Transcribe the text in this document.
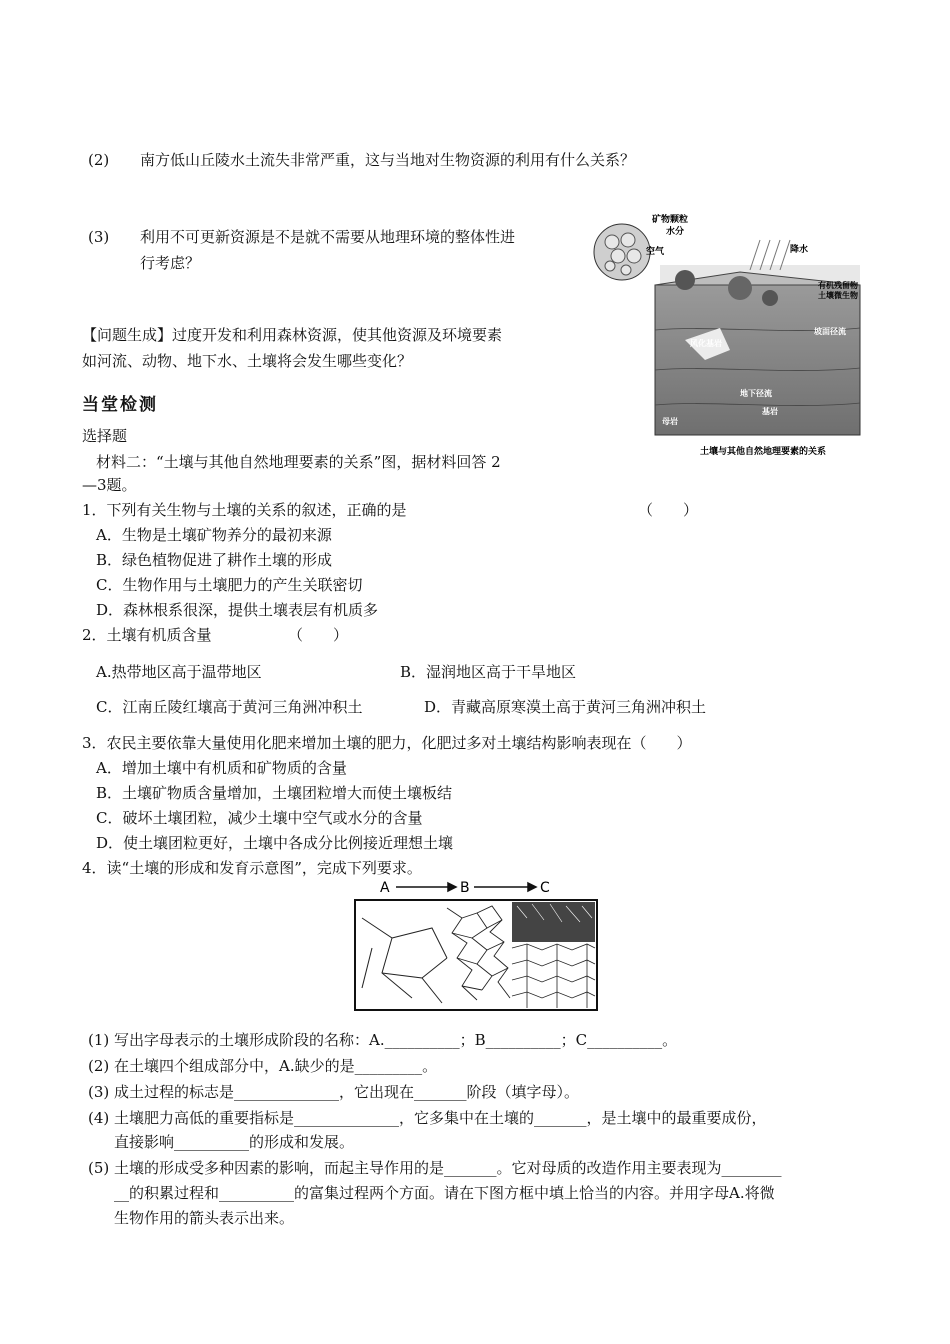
(2) 南方低山丘陵水土流失非常严重，这与当地对生物资源的利用有什么关系？
(3) 利用不可更新资源是不是就不需要从地理环境的整体性进
行考虑？
【问题生成】过度开发和利用森林资源，使其他资源及环境要素
如河流、动物、地下水、土壤将会发生哪些变化？
当堂检测
选择题
材料二：“土壤与其他自然地理要素的关系”图，据材料回答 2
—3题。
矿物颗粒
水分
空气	降水
有机残留物
土壤微生物
坡面径流
风化基岩
地下径流
基岩
母岩
土壤与其他自然地理要素的关系
1．下列有关生物与土壤的关系的叙述，正确的是	（　　）
A．生物是土壤矿物养分的最初来源
B．绿色植物促进了耕作土壤的形成
C．生物作用与土壤肥力的产生关联密切
D．森林根系很深，提供土壤表层有机质多
2．土壤有机质含量	（　　）
A.热带地区高于温带地区	B．湿润地区高于干旱地区
C．江南丘陵红壤高于黄河三角洲冲积土	D．青藏高原寒漠土高于黄河三角洲冲积土
3．农民主要依靠大量使用化肥来增加土壤的肥力，化肥过多对土壤结构影响表现在（　　）
A．增加土壤中有机质和矿物质的含量
B．土壤矿物质含量增加，土壤团粒增大而使土壤板结
C．破坏土壤团粒，减少土壤中空气或水分的含量
D．使土壤团粒更好，土壤中各成分比例接近理想土壤
4．读“土壤的形成和发育示意图”，完成下列要求。
A	B	C
(1) 写出字母表示的土壤形成阶段的名称：A.__________；B__________；C__________。
(2) 在土壤四个组成部分中，A.缺少的是_________。
(3) 成土过程的标志是______________，它出现在_______阶段（填字母）。
(4) 土壤肥力高低的重要指标是______________，它多集中在土壤的_______，是土壤中的最重要成份，
直接影响__________的形成和发展。
(5) 土壤的形成受多种因素的影响，而起主导作用的是_______。它对母质的改造作用主要表现为________
__的积累过程和__________的富集过程两个方面。请在下图方框中填上恰当的内容。并用字母A.将微
生物作用的箭头表示出来。
